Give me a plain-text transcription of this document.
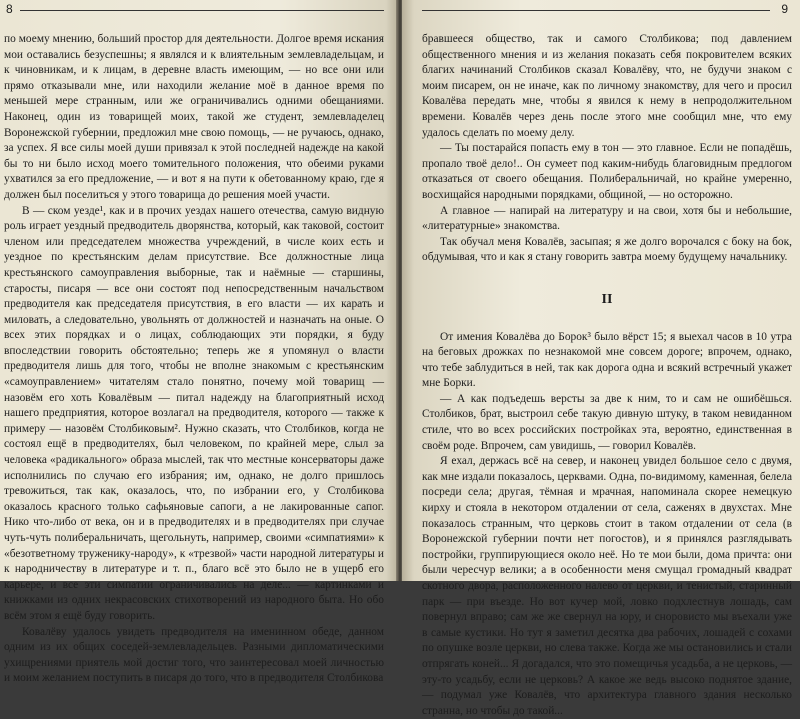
8

по моему мнению, больший простор для деятельности. Долгое время искания мои оставались безуспешны; я являлся и к влиятельным землевладельцам, и к чиновникам, и к лицам, в деревне власть имеющим, — но все они или прямо отказывали мне, или находили желание моё в данное время по меньшей мере странным, или же ограничивались одними обещаниями. Наконец, один из товарищей моих, такой же студент, землевладелец Воронежской губернии, предложил мне свою помощь, — не ручаюсь, однако, за успех. Я все силы моей души привязал к этой последней надежде на какой бы то ни было исход моего томительного положения, что обеими руками ухватился за его предложение, — и вот я на пути к обетованному краю, где я должен был поселиться у этого товарища до решения моей участи.

В — ском уезде¹, как и в прочих уездах нашего отечества, самую видную роль играет уездный предводитель дворянства, который, как таковой, состоит членом или председателем множества учреждений, в числе коих есть и уездное по крестьянским делам присутствие. Все должностные лица крестьянского самоуправления выборные, так и наёмные — старшины, старосты, писаря — все они состоят под непосредственным начальством предводителя как председателя присутствия, в его власти — их карать и миловать, а следовательно, увольнять от должностей и назначать на оные. О всех этих порядках и о лицах, соблюдающих эти порядки, я буду впоследствии говорить обстоятельно; теперь же я упомянул о власти предводителя лишь для того, чтобы не вполне знакомым с крестьянским «самоуправлением» читателям стало понятно, почему мой товарищ — назовём его хоть Ковалёвым — питал надежду на благоприятный исход нашего предприятия, которое возлагал на предводителя, которого — также к примеру — назовём Столбиковым². Нужно сказать, что Столбиков, когда не состоял ещё в предводителях, был человеком, по крайней мере, слыл за человека «радикального» образа мыслей, так что местные консерваторы даже исполнились по случаю его избрания; им, однако, не долго пришлось тревожиться, так как, оказалось, что, по избрании его, у Столбикова оказалось красного только сафьяновые сапоги, а не лакированные сапог. Нико что-либо от века, он и в предводителях и в предводителях при случае чуть-чуть полиберальничать, щегольнуть, например, своими «симпатиями» к «безответному труженику-народу», к «трезвой» части народной литературы и к народничеству в литературе и т. п., благо всё это было не в ущерб его карьере, и все эти симпатии ограничивались на деле... — картинками и книжками из одних некрасовских стихотворений из народного быта. Но обо всём этом я ещё буду говорить.

Ковалёву удалось увидеть предводителя на именинном обеде, данном одним из их общих соседей-землевладельцев. Разными дипломатическими ухищрениями приятель мой достиг того, что заинтересовал моей личностью и моим желанием поступить в писаря до того, что в предводителя Столбикова

9

бравшееся общество, так и самого Столбикова; под давлением общественного мнения и из желания показать себя покровителем всяких благих начинаний Столбиков сказал Ковалёву, что, не будучи знаком с моим писарем, он не иначе, как по личному знакомству, для чего и просил Ковалёва передать мне, чтобы я явился к нему в непродолжительном времени. Ковалёв через день после этого мне сообщил мне, что ему удалось сделать по моему делу.

— Ты постарайся попасть ему в тон — это главное. Если не попадёшь, пропало твоё дело!.. Он сумеет под каким-нибудь благовидным предлогом отказаться от своего обещания. Полиберальничай, но крайне умеренно, восхищайся народными порядками, общиной, — но осторожно.

А главное — напирай на литературу и на свои, хотя бы и небольшие, «литературные» знакомства.

Так обучал меня Ковалёв, засыпая; я же долго ворочался с боку на бок, обдумывая, что и как я стану говорить завтра моему будущему начальнику.

II

От имения Ковалёва до Борок³ было вёрст 15; я выехал часов в 10 утра на беговых дрожках по незнакомой мне совсем дороге; впрочем, однако, что тебе заблудиться в ней, так как дорога одна и всякий встречный укажет мне Борки.

— А как подъедешь версты за две к ним, то и сам не ошибёшься. Столбиков, брат, выстроил себе такую дивную штуку, в таком невиданном стиле, что во всех российских постройках эта, вероятно, единственная в своём роде. Впрочем, сам увидишь, — говорил Ковалёв.

Я ехал, держась всё на север, и наконец увидел большое село с двумя, как мне издали показалось, церквами. Одна, по-видимому, каменная, белела посреди села; другая, тёмная и мрачная, напоминала скорее немецкую кирху и стояла в некотором отдалении от села, саженях в двухстах. Мне показалось странным, что церковь стоит в таком отдалении от села (в Воронежской губернии почти нет погостов), и я принялся разглядывать постройки, группирующиеся около неё. Но те мои были, дома причта: они были чересчур велики; а в особенности меня смущал громадный квадрат скотного двора, расположенного налево от церкви, и тенистый, старинный парк — при въезде. Но вот кучер мой, ловко подхлестнув лошадь, сам повернул вправо; сам же же свернул на юру, и сноровисто мы въехали уже в самые кустики. Но тут я заметил десятка два рабочих, лошадей с сохами по опушке возле церкви, но слева также. Когда же мы остановились и стали отпрягать коней... Я догадался, что это помещичья усадьба, а не церковь, — эту-то усадьбу, если не церковь? А какое же ведь высоко поднятое здание, — подумал уже Ковалёв, что архитектура главного здания несколько странна, но чтобы до такой...
